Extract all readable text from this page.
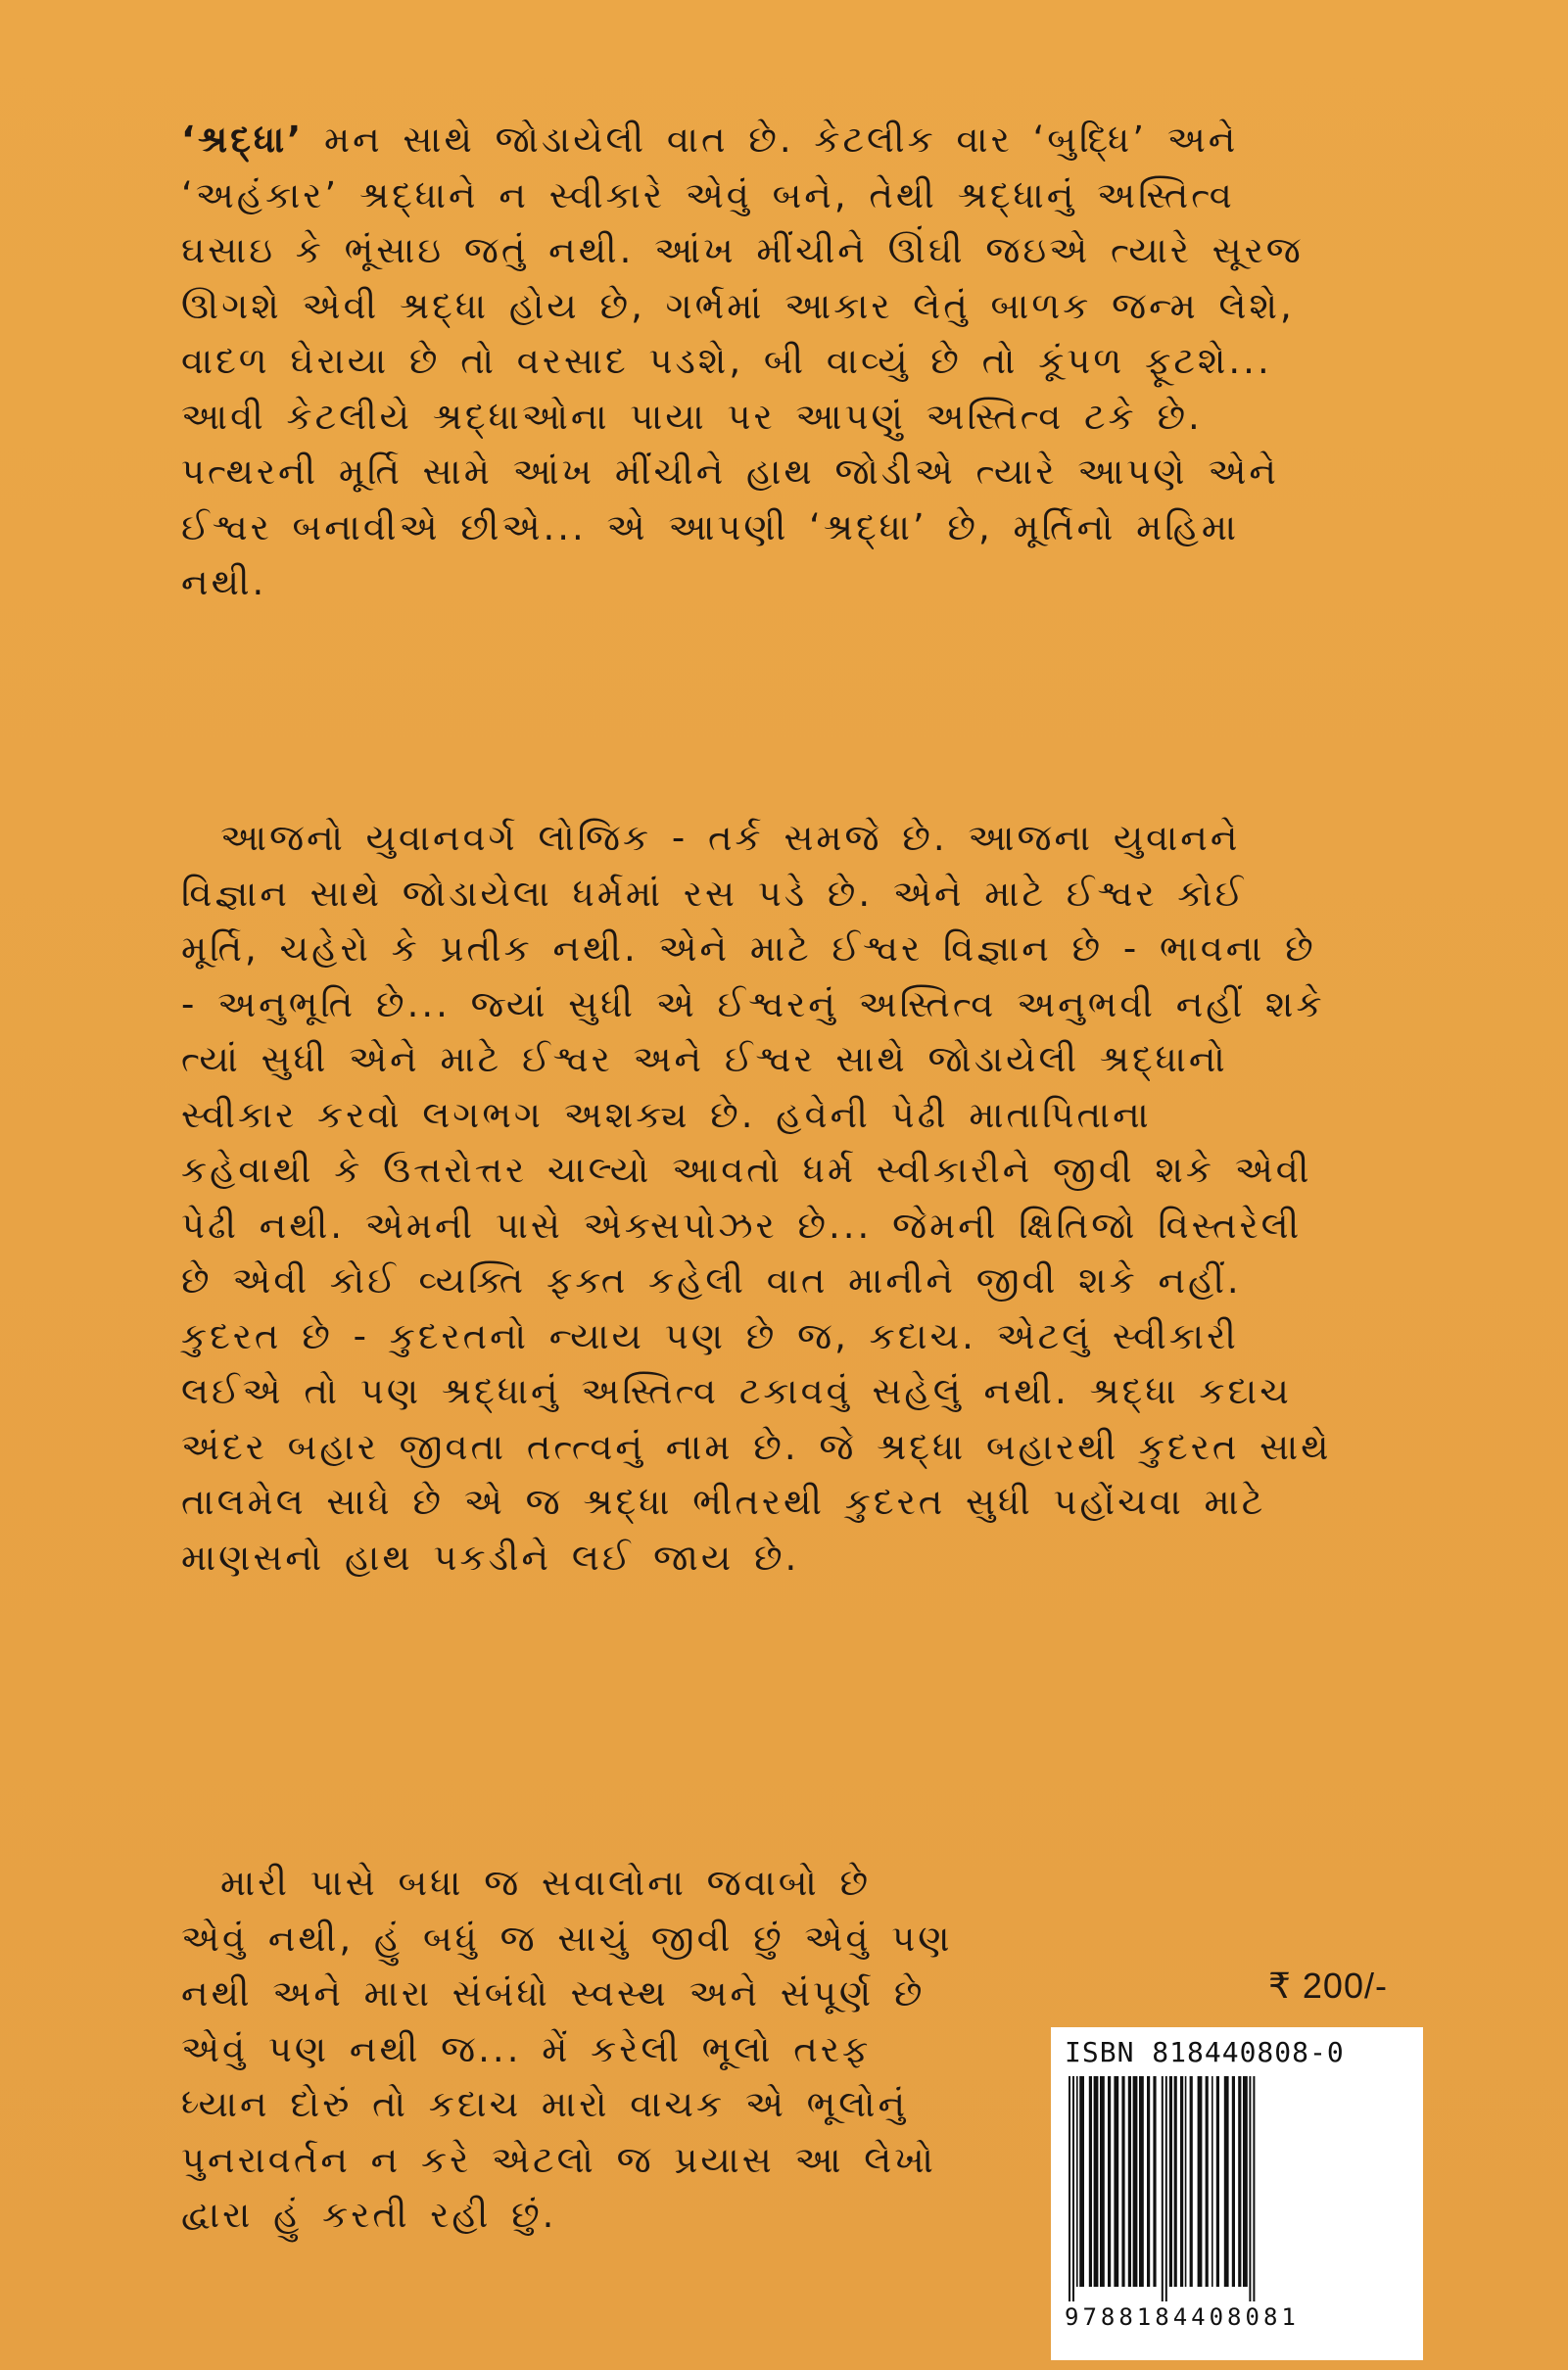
‘શ્રદ્ધા’ મન સાથે જોડાયેલી વાત છે. કેટલીક વાર ‘બુદ્ધિ’ અને
‘અહંકાર’ શ્રદ્ધાને ન સ્વીકારે એવું બને, તેથી શ્રદ્ધાનું અસ્તિત્વ
ઘસાઇ કે ભૂંસાઇ જતું નથી. આંખ મીંચીને ઊંઘી જઇએ ત્યારે સૂરજ
ઊગશે એવી શ્રદ્ધા હોય છે, ગર્ભમાં આકાર લેતું બાળક જન્મ લેશે,
વાદળ ઘેરાયા છે તો વરસાદ પડશે, બી વાવ્યું છે તો કૂંપળ ફૂટશે...
આવી કેટલીયે શ્રદ્ધાઓના પાયા પર આપણું અસ્તિત્વ ટકે છે.
પત્થરની મૂર્તિ સામે આંખ મીંચીને હાથ જોડીએ ત્યારે આપણે એને
ઈશ્વર બનાવીએ છીએ... એ આપણી ‘શ્રદ્ધા’ છે, મૂર્તિનો મહિમા
નથી.
આજનો યુવાનવર્ગ લોજિક - તર્ક સમજે છે. આજના યુવાનને
વિજ્ઞાન સાથે જોડાયેલા ધર્મમાં રસ પડે છે. એને માટે ઈશ્વર કોઈ
મૂર્તિ, ચહેરો કે પ્રતીક નથી. એને માટે ઈશ્વર વિજ્ઞાન છે - ભાવના છે
- અનુભૂતિ છે... જ્યાં સુધી એ ઈશ્વરનું અસ્તિત્વ અનુભવી નહીં શકે
ત્યાં સુધી એને માટે ઈશ્વર અને ઈશ્વર સાથે જોડાયેલી શ્રદ્ધાનો
સ્વીકાર કરવો લગભગ અશક્ય છે. હવેની પેઢી માતાપિતાના
કહેવાથી કે ઉત્તરોત્તર ચાલ્યો આવતો ધર્મ સ્વીકારીને જીવી શકે એવી
પેઢી નથી. એમની પાસે એક્સપોઝર છે... જેમની ક્ષિતિજો વિસ્તરેલી
છે એવી કોઈ વ્યક્તિ ફક્ત કહેલી વાત માનીને જીવી શકે નહીં.
કુદરત છે - કુદરતનો ન્યાય પણ છે જ, કદાચ. એટલું સ્વીકારી
લઈએ તો પણ શ્રદ્ધાનું અસ્તિત્વ ટકાવવું સહેલું નથી. શ્રદ્ધા કદાચ
અંદર બહાર જીવતા તત્ત્વનું નામ છે. જે શ્રદ્ધા બહારથી કુદરત સાથે
તાલમેલ સાધે છે એ જ શ્રદ્ધા ભીતરથી કુદરત સુધી પહોંચવા માટે
માણસનો હાથ પકડીને લઈ જાય છે.
મારી પાસે બધા જ સવાલોના જવાબો છે
એવું નથી, હું બધું જ સાચું જીવી છું એવું પણ
નથી અને મારા સંબંધો સ્વસ્થ અને સંપૂર્ણ છે
એવું પણ નથી જ... મેં કરેલી ભૂલો તરફ
ધ્યાન દોરું તો કદાચ મારો વાચક એ ભૂલોનું
પુનરાવર્તન ન કરે એટલો જ પ્રયાસ આ લેખો
દ્વારા હું કરતી રહી છું.
₹ 200/-
ISBN 818440808-0
9788184408081
